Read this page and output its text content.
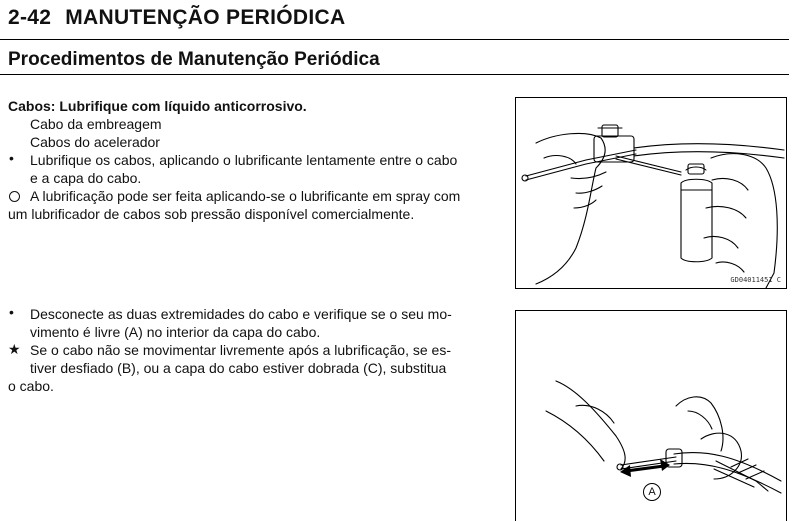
2-42 MANUTENÇÃO PERIÓDICA
Procedimentos de Manutenção Periódica
Cabos: Lubrifique com líquido anticorrosivo.
Cabo da embreagem
Cabos do acelerador
•	Lubrifique os cabos, aplicando o lubrificante lentamente entre o cabo
e a capa do cabo.
A lubrificação pode ser feita aplicando-se o lubrificante em spray com
um lubrificador de cabos sob pressão disponível comercialmente.
•	Desconecte as duas extremidades do cabo e verifique se o seu mo-
vimento é livre (A) no interior da capa do cabo.
★ Se o cabo não se movimentar livremente após a lubrificação, se es-
tiver desfiado (B), ou a capa do cabo estiver dobrada (C), substitua
o cabo.
GD04011451 C
A
